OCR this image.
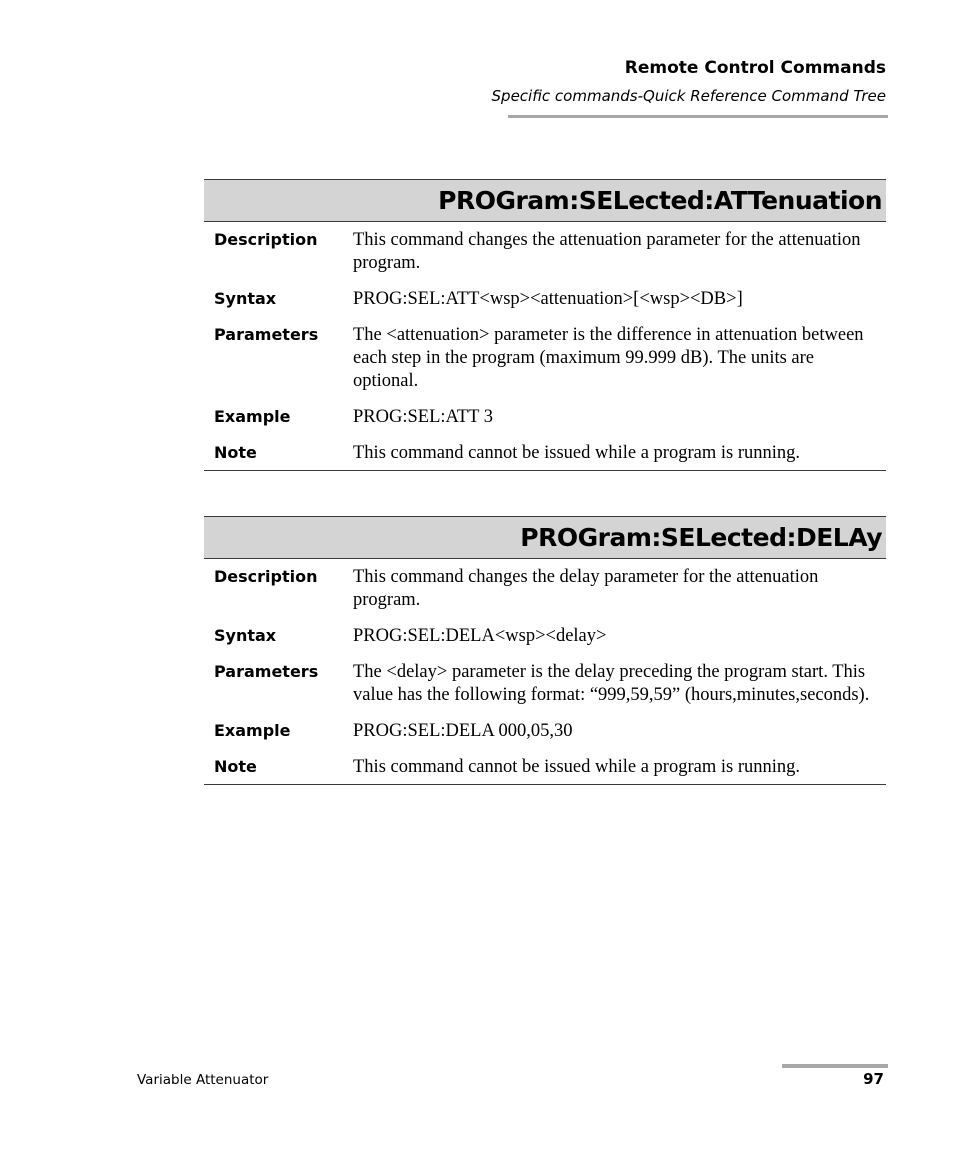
Remote Control Commands
Specific commands-Quick Reference Command Tree
PROGram:SELected:ATTenuation
Description	This command changes the attenuation parameter for the attenuation program.
Syntax	PROG:SEL:ATT<wsp><attenuation>[<wsp><DB>]
Parameters	The <attenuation> parameter is the difference in attenuation between each step in the program (maximum 99.999 dB). The units are optional.
Example	PROG:SEL:ATT 3
Note	This command cannot be issued while a program is running.
PROGram:SELected:DELAy
Description	This command changes the delay parameter for the attenuation program.
Syntax	PROG:SEL:DELA<wsp><delay>
Parameters	The <delay> parameter is the delay preceding the program start. This value has the following format: “999,59,59” (hours,minutes,seconds).
Example	PROG:SEL:DELA 000,05,30
Note	This command cannot be issued while a program is running.
Variable Attenuator	97
